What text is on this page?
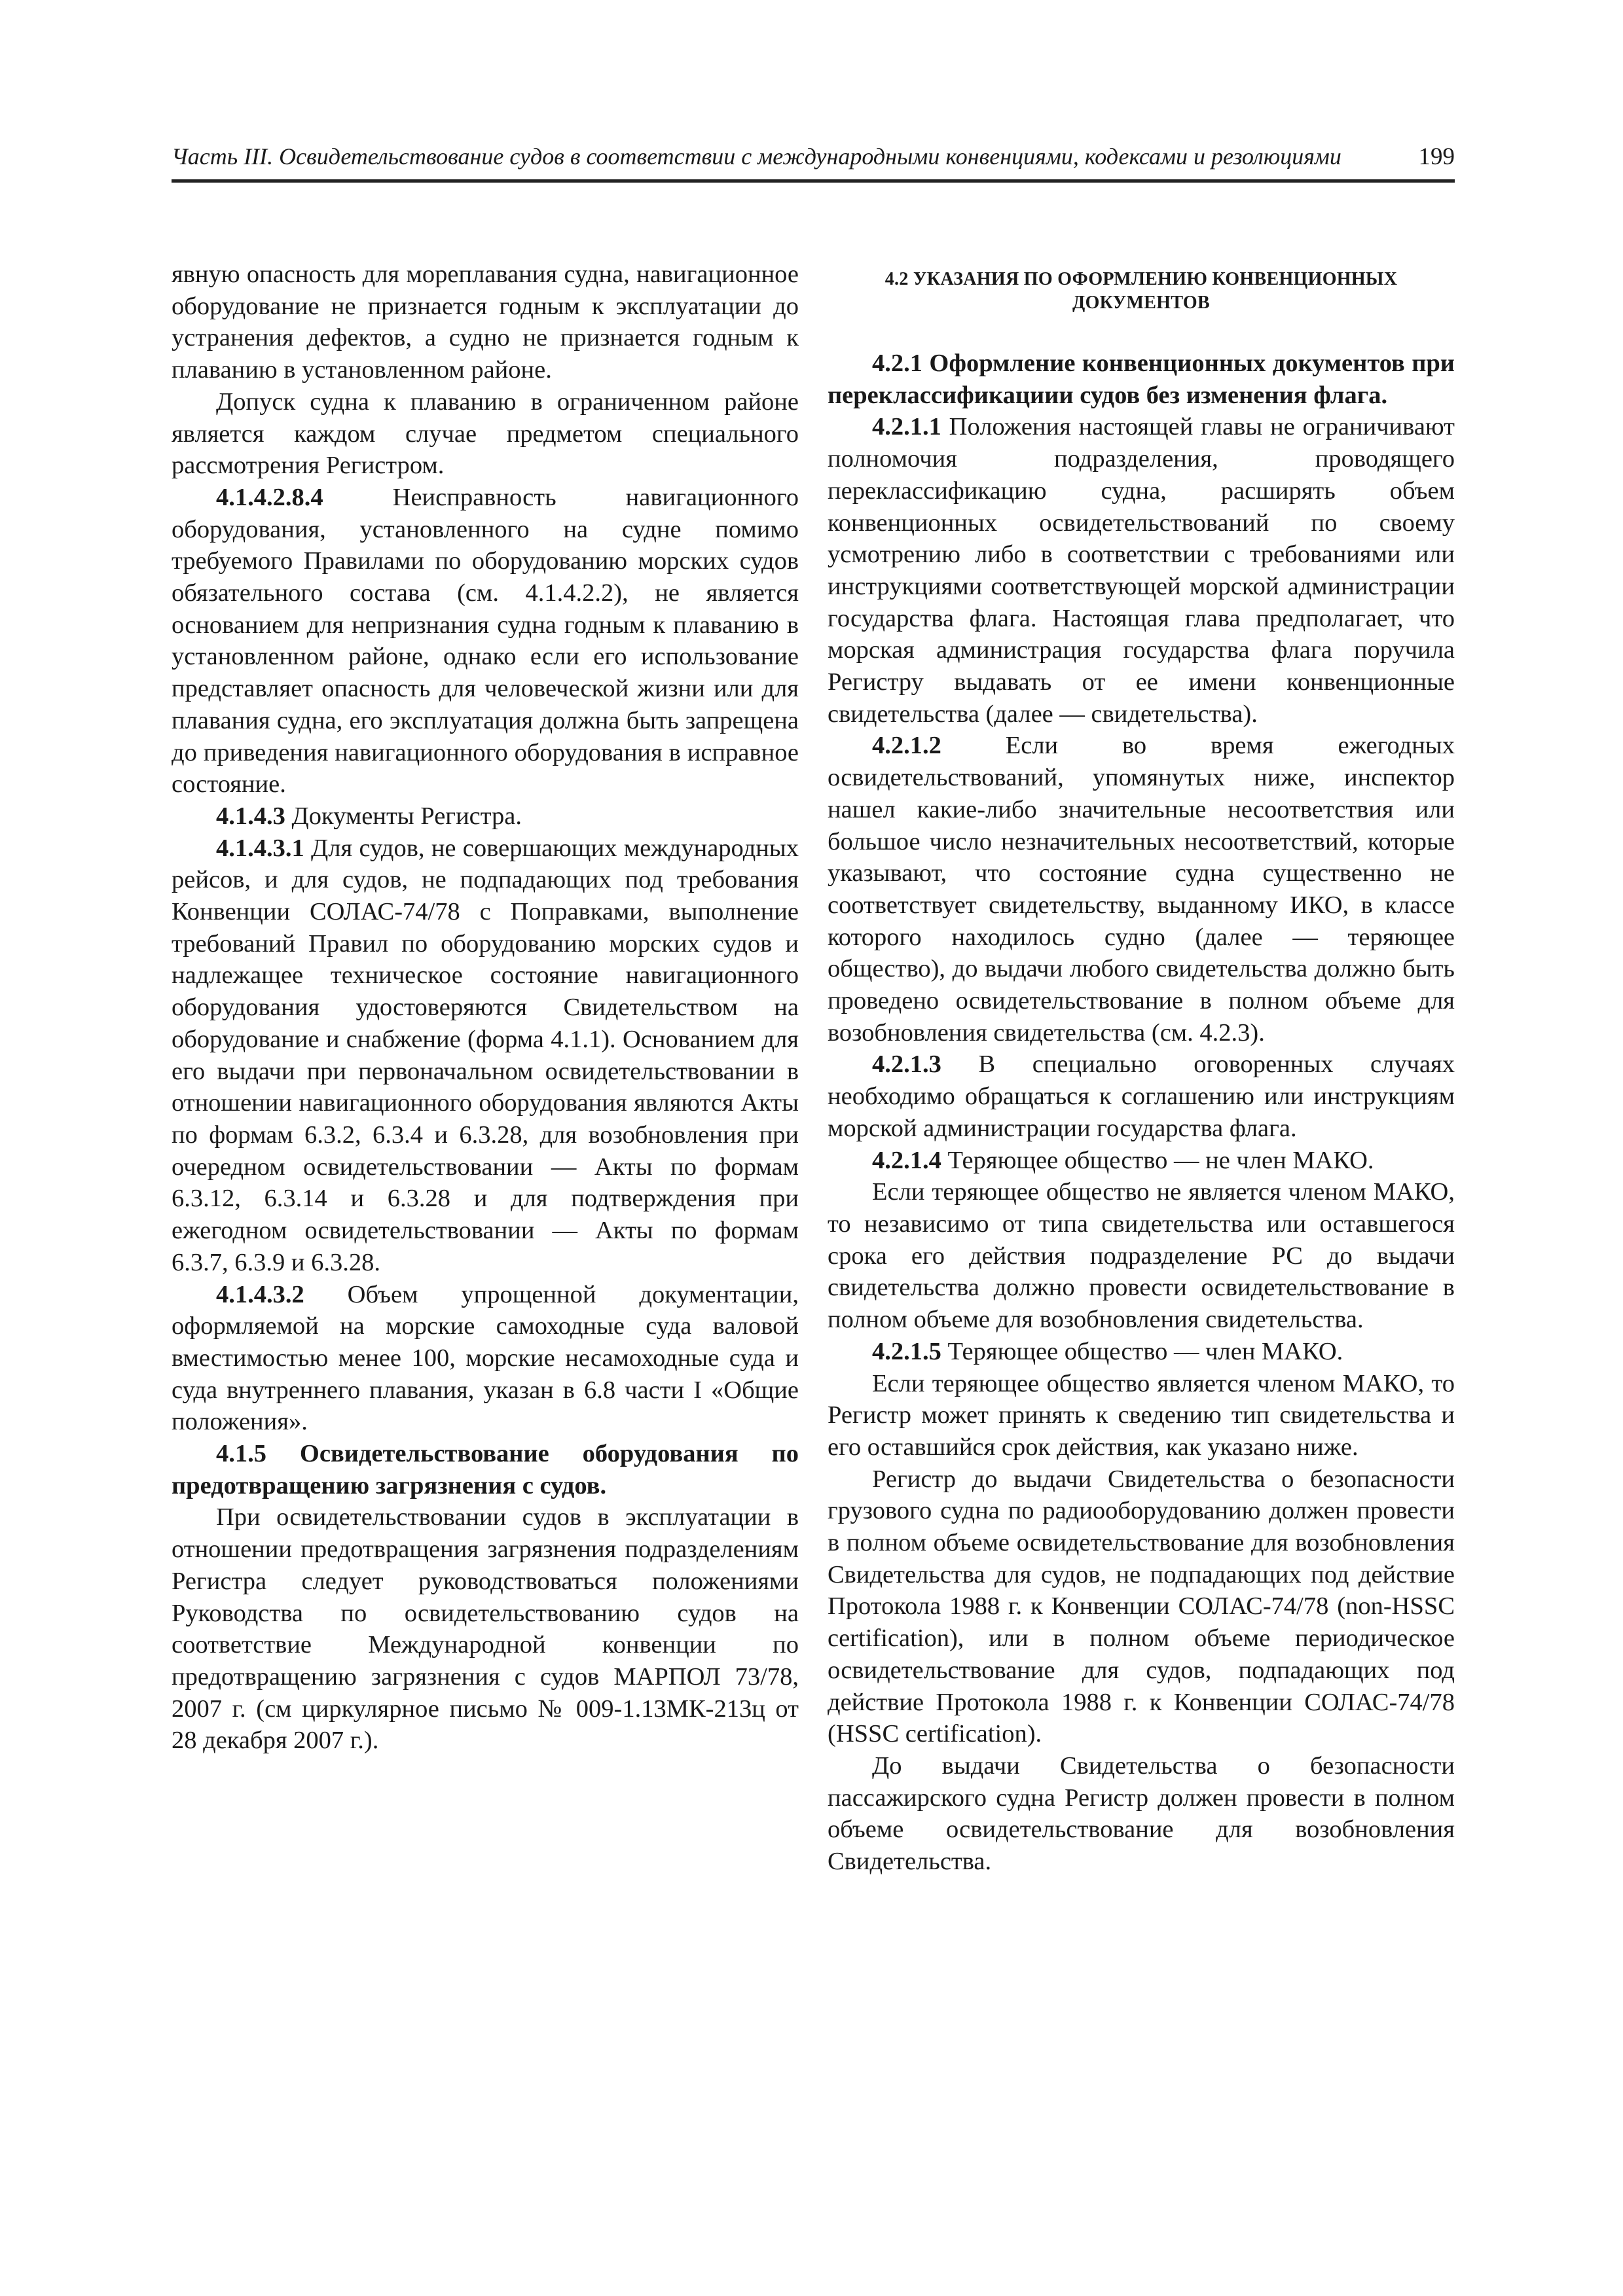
Часть III. Освидетельствование судов в соответствии с международными конвенциями, кодексами и резолюциями	199

явную опасность для мореплавания судна, навигационное оборудование не признается годным к эксплуатации до устранения дефектов, а судно не признается годным к плаванию в установленном районе.

Допуск судна к плаванию в ограниченном районе является каждом случае предметом специального рассмотрения Регистром.

4.1.4.2.8.4 Неисправность навигационного оборудования, установленного на судне помимо требуемого Правилами по оборудованию морских судов обязательного состава (см. 4.1.4.2.2), не является основанием для непризнания судна годным к плаванию в установленном районе, однако если его использование представляет опасность для человеческой жизни или для плавания судна, его эксплуатация должна быть запрещена до приведения навигационного оборудования в исправное состояние.

4.1.4.3 Документы Регистра.

4.1.4.3.1 Для судов, не совершающих международных рейсов, и для судов, не подпадающих под требования Конвенции СОЛАС-74/78 с Поправками, выполнение требований Правил по оборудованию морских судов и надлежащее техническое состояние навигационного оборудования удостоверяются Свидетельством на оборудование и снабжение (форма 4.1.1). Основанием для его выдачи при первоначальном освидетельствовании в отношении навигационного оборудования являются Акты по формам 6.3.2, 6.3.4 и 6.3.28, для возобновления при очередном освидетельствовании — Акты по формам 6.3.12, 6.3.14 и 6.3.28 и для подтверждения при ежегодном освидетельствовании — Акты по формам 6.3.7, 6.3.9 и 6.3.28.

4.1.4.3.2 Объем упрощенной документации, оформляемой на морские самоходные суда валовой вместимостью менее 100, морские несамоходные суда и суда внутреннего плавания, указан в 6.8 части I «Общие положения».

4.1.5 Освидетельствование оборудования по предотвращению загрязнения с судов.

При освидетельствовании судов в эксплуатации в отношении предотвращения загрязнения подразделениям Регистра следует руководствоваться положениями Руководства по освидетельствованию судов на соответствие Международной конвенции по предотвращению загрязнения с судов МАРПОЛ 73/78, 2007 г. (см циркулярное письмо № 009-1.13МК-213ц от 28 декабря 2007 г.).

4.2 УКАЗАНИЯ ПО ОФОРМЛЕНИЮ КОНВЕНЦИОННЫХ
ДОКУМЕНТОВ

4.2.1 Оформление конвенционных документов при переклассификациии судов без изменения флага.

4.2.1.1 Положения настоящей главы не ограничивают полномочия подразделения, проводящего переклассификацию судна, расширять объем конвенционных освидетельствований по своему усмотрению либо в соответствии с требованиями или инструкциями соответствующей морской администрации государства флага. Настоящая глава предполагает, что морская администрация государства флага поручила Регистру выдавать от ее имени конвенционные свидетельства (далее — свидетельства).

4.2.1.2 Если во время ежегодных освидетельствований, упомянутых ниже, инспектор нашел какие-либо значительные несоответствия или большое число незначительных несоответствий, которые указывают, что состояние судна существенно не соответствует свидетельству, выданному ИКО, в классе которого находилось судно (далее — теряющее общество), до выдачи любого свидетельства должно быть проведено освидетельствование в полном объеме для возобновления свидетельства (см. 4.2.3).

4.2.1.3 В специально оговоренных случаях необходимо обращаться к соглашению или инструкциям морской администрации государства флага.

4.2.1.4 Теряющее общество — не член МАКО.

Если теряющее общество не является членом МАКО, то независимо от типа свидетельства или оставшегося срока его действия подразделение РС до выдачи свидетельства должно провести освидетельствование в полном объеме для возобновления свидетельства.

4.2.1.5 Теряющее общество — член МАКО.

Если теряющее общество является членом МАКО, то Регистр может принять к сведению тип свидетельства и его оставшийся срок действия, как указано ниже.

Регистр до выдачи Свидетельства о безопасности грузового судна по радиооборудованию должен провести в полном объеме освидетельствование для возобновления Свидетельства для судов, не подпадающих под действие Протокола 1988 г. к Конвенции СОЛАС-74/78 (non-HSSC certification), или в полном объеме периодическое освидетельствование для судов, подпадающих под действие Протокола 1988 г. к Конвенции СОЛАС-74/78 (HSSC certification).

До выдачи Свидетельства о безопасности пассажирского судна Регистр должен провести в полном объеме освидетельствование для возобновления Свидетельства.
